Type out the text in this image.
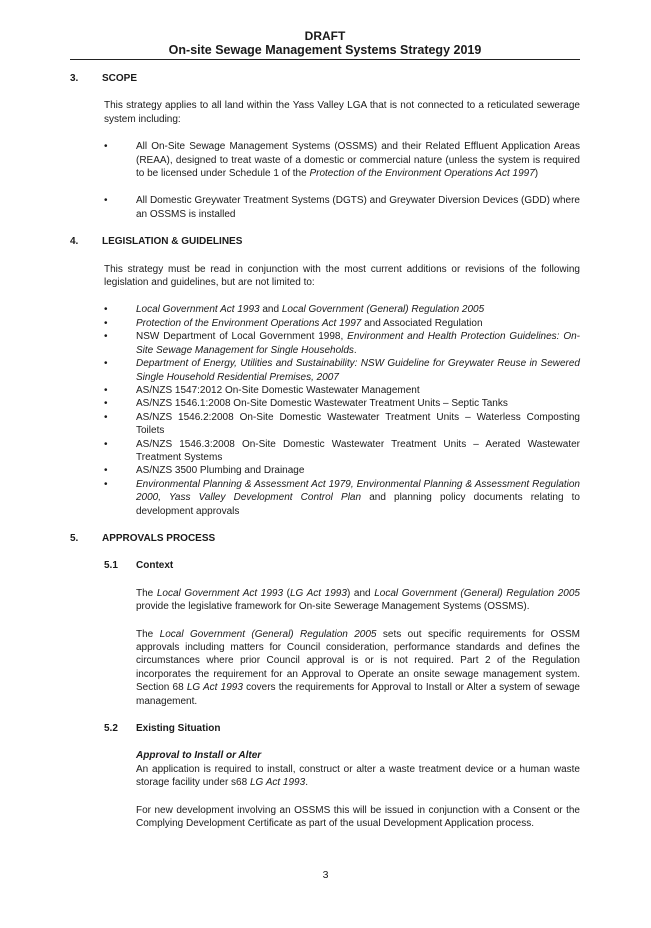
DRAFT
On-site Sewage Management Systems Strategy 2019
3.	SCOPE

This strategy applies to all land within the Yass Valley LGA that is not connected to a reticulated sewerage system including:

•	All On-Site Sewage Management Systems (OSSMS) and their Related Effluent Application Areas (REAA), designed to treat waste of a domestic or commercial nature (unless the system is required to be licensed under Schedule 1 of the Protection of the Environment Operations Act 1997)
•	All Domestic Greywater Treatment Systems (DGTS) and Greywater Diversion Devices (GDD) where an OSSMS is installed
4.	LEGISLATION & GUIDELINES

This strategy must be read in conjunction with the most current additions or revisions of the following legislation and guidelines, but are not limited to:

•	Local Government Act 1993 and Local Government (General) Regulation 2005
•	Protection of the Environment Operations Act 1997 and Associated Regulation
•	NSW Department of Local Government 1998, Environment and Health Protection Guidelines: On-Site Sewage Management for Single Households.
•	Department of Energy, Utilities and Sustainability: NSW Guideline for Greywater Reuse in Sewered Single Household Residential Premises, 2007
•	AS/NZS 1547:2012 On-Site Domestic Wastewater Management
•	AS/NZS 1546.1:2008 On-Site Domestic Wastewater Treatment Units – Septic Tanks
•	AS/NZS 1546.2:2008 On-Site Domestic Wastewater Treatment Units – Waterless Composting Toilets
•	AS/NZS 1546.3:2008 On-Site Domestic Wastewater Treatment Units – Aerated Wastewater Treatment Systems
•	AS/NZS 3500 Plumbing and Drainage
•	Environmental Planning & Assessment Act 1979, Environmental Planning & Assessment Regulation 2000, Yass Valley Development Control Plan and planning policy documents relating to development approvals
5.	APPROVALS PROCESS
5.1	Context

The Local Government Act 1993 (LG Act 1993) and Local Government (General) Regulation 2005 provide the legislative framework for On-site Sewerage Management Systems (OSSMS).

The Local Government (General) Regulation 2005 sets out specific requirements for OSSM approvals including matters for Council consideration, performance standards and defines the circumstances where prior Council approval is or is not required. Part 2 of the Regulation incorporates the requirement for an Approval to Operate an onsite sewage management system. Section 68 LG Act 1993 covers the requirements for Approval to Install or Alter a system of sewage management.

5.2	Existing Situation

Approval to Install or Alter

An application is required to install, construct or alter a waste treatment device or a human waste storage facility under s68 LG Act 1993.

For new development involving an OSSMS this will be issued in conjunction with a Consent or the Complying Development Certificate as part of the usual Development Application process.

3
